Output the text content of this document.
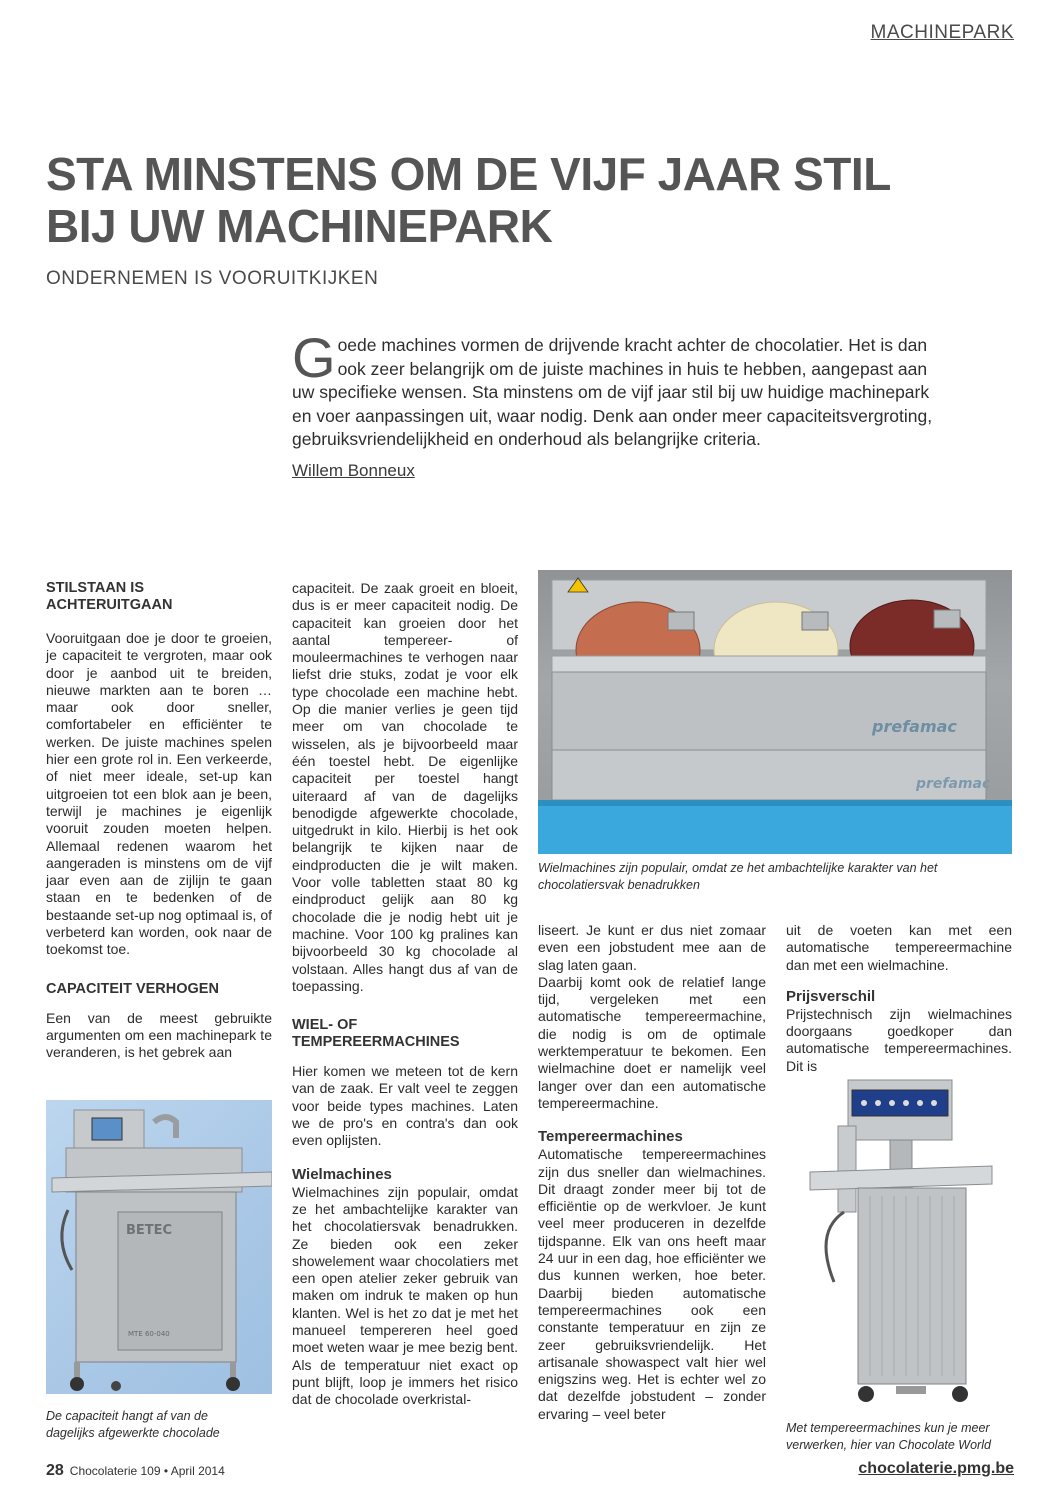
MACHINEPARK
STA MINSTENS OM DE VIJF JAAR STIL
BIJ UW MACHINEPARK
ONDERNEMEN IS VOORUITKIJKEN

Goede machines vormen de drijvende kracht achter de chocolatier. Het is dan ook zeer belangrijk om de juiste machines in huis te hebben, aangepast aan uw specifieke wensen. Sta minstens om de vijf jaar stil bij uw huidige machinepark en voer aanpassingen uit, waar nodig. Denk aan onder meer capaciteitsvergroting, gebruiksvriendelijkheid en onderhoud als belangrijke criteria.

Willem Bonneux
STILSTAAN IS
ACHTERUITGAAN

Vooruitgaan doe je door te groeien, je capaciteit te vergroten, maar ook door je aanbod uit te breiden, nieuwe markten aan te boren … maar ook door sneller, comfortabeler en efficiënter te werken. De juiste machines spelen hier een grote rol in. Een verkeerde, of niet meer ideale, set-up kan uitgroeien tot een blok aan je been, terwijl je machines je eigenlijk vooruit zouden moeten helpen. Allemaal redenen waarom het aangeraden is minstens om de vijf jaar even aan de zijlijn te gaan staan en te bedenken of de bestaande set-up nog optimaal is, of verbeterd kan worden, ook naar de toekomst toe.

CAPACITEIT VERHOGEN

Een van de meest gebruikte argumenten om een machinepark te veranderen, is het gebrek aan

BETEC
MTE 60-040
De capaciteit hangt af van de
dagelijks afgewerkte chocolade

capaciteit. De zaak groeit en bloeit, dus is er meer capaciteit nodig. De capaciteit kan groeien door het aantal tempereer- of mouleermachines te verhogen naar liefst drie stuks, zodat je voor elk type chocolade een machine hebt. Op die manier verlies je geen tijd meer om van chocolade te wisselen, als je bijvoorbeeld maar één toestel hebt. De eigenlijke capaciteit per toestel hangt uiteraard af van de dagelijks benodigde afgewerkte chocolade, uitgedrukt in kilo. Hierbij is het ook belangrijk te kijken naar de eindproducten die je wilt maken. Voor volle tabletten staat 80 kg eindproduct gelijk aan 80 kg chocolade die je nodig hebt uit je machine. Voor 100 kg pralines kan bijvoorbeeld 30 kg chocolade al volstaan. Alles hangt dus af van de toepassing.

WIEL- OF
TEMPEREERMACHINES

Hier komen we meteen tot de kern van de zaak. Er valt veel te zeggen voor beide types machines. Laten we de pro's en contra's dan ook even oplijsten.

Wielmachines

Wielmachines zijn populair, omdat ze het ambachtelijke karakter van het chocolatiersvak benadrukken. Ze bieden ook een zeker showelement waar chocolatiers met een open atelier zeker gebruik van maken om indruk te maken op hun klanten. Wel is het zo dat je met het manueel tempereren heel goed moet weten waar je mee bezig bent. Als de temperatuur niet exact op punt blijft, loop je immers het risico dat de chocolade overkristal-

prefamac
prefamac
Wielmachines zijn populair, omdat ze het ambachtelijke karakter van het
chocolatiersvak benadrukken

liseert. Je kunt er dus niet zomaar even een jobstudent mee aan de slag laten gaan.

Daarbij komt ook de relatief lange tijd, vergeleken met een automatische tempereermachine, die nodig is om de optimale werktemperatuur te bekomen. Een wielmachine doet er namelijk veel langer over dan een automatische tempereermachine.

Tempereermachines

Automatische tempereermachines zijn dus sneller dan wielmachines. Dit draagt zonder meer bij tot de efficiëntie op de werkvloer. Je kunt veel meer produceren in dezelfde tijdspanne. Elk van ons heeft maar 24 uur in een dag, hoe efficiënter we dus kunnen werken, hoe beter. Daarbij bieden automatische tempereermachines ook een constante temperatuur en zijn ze zeer gebruiksvriendelijk. Het artisanale showaspect valt hier wel enigszins weg. Het is echter wel zo dat dezelfde jobstudent – zonder ervaring – veel beter

uit de voeten kan met een automatische tempereermachine dan met een wielmachine.

Prijsverschil

Prijstechnisch zijn wielmachines doorgaans goedkoper dan automatische tempereermachines. Dit is

Met tempereermachines kun je meer
verwerken, hier van Chocolate World
28 Chocolaterie 109 • April 2014	chocolaterie.pmg.be
